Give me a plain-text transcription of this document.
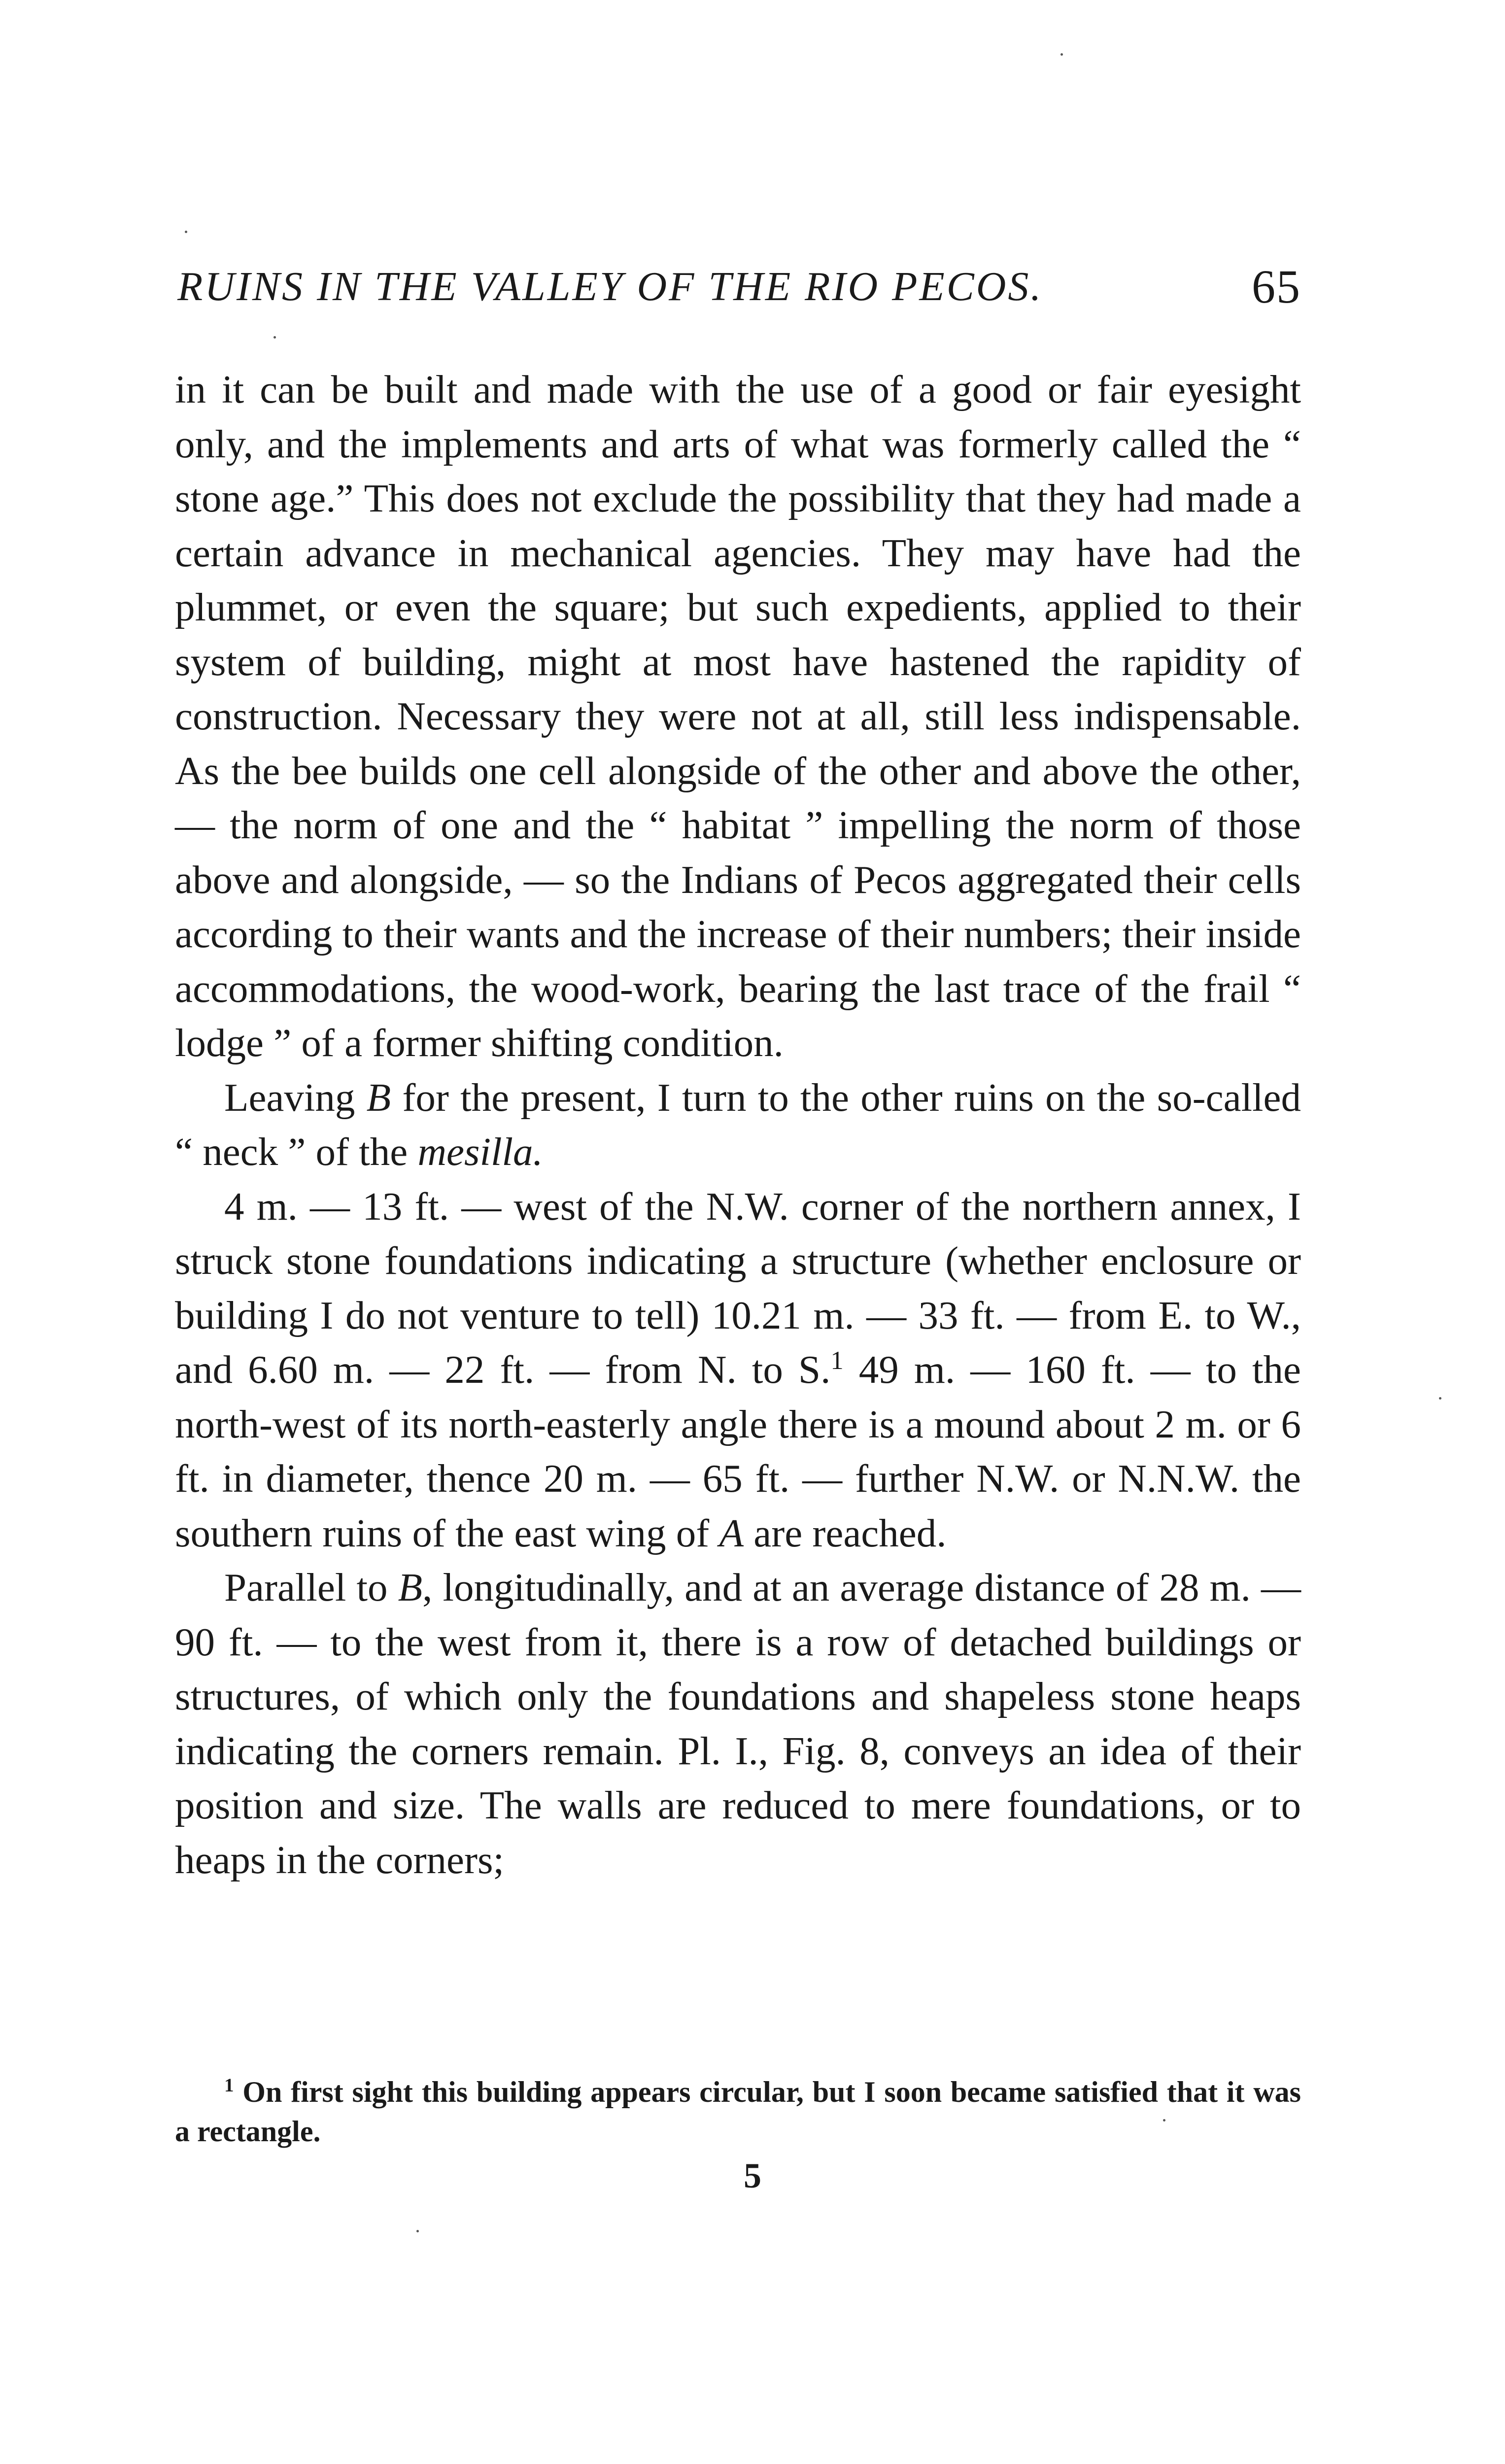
RUINS IN THE VALLEY OF THE RIO PECOS.	65

in it can be built and made with the use of a good or fair eyesight only, and the implements and arts of what was formerly called the “ stone age.” This does not exclude the possibility that they had made a certain advance in mechanical agencies. They may have had the plummet, or even the square; but such expedients, applied to their system of building, might at most have hastened the rapidity of construction. Necessary they were not at all, still less indispensable. As the bee builds one cell alongside of the other and above the other, — the norm of one and the “ habitat ” impelling the norm of those above and alongside, — so the Indians of Pecos aggregated their cells according to their wants and the increase of their numbers; their inside accommodations, the wood-work, bearing the last trace of the frail “ lodge ” of a former shifting condition.

Leaving B for the present, I turn to the other ruins on the so-called “ neck ” of the mesilla.

4 m. — 13 ft. — west of the N.W. corner of the northern annex, I struck stone foundations indicating a structure (whether enclosure or building I do not venture to tell) 10.21 m. — 33 ft. — from E. to W., and 6.60 m. — 22 ft. — from N. to S.$^1$ 49 m. — 160 ft. — to the north-west of its north-easterly angle there is a mound about 2 m. or 6 ft. in diameter, thence 20 m. — 65 ft. — further N.W. or N.N.W. the southern ruins of the east wing of A are reached.

Parallel to B, longitudinally, and at an average distance of 28 m. — 90 ft. — to the west from it, there is a row of detached buildings or structures, of which only the foundations and shapeless stone heaps indicating the corners remain. Pl. I., Fig. 8, conveys an idea of their position and size. The walls are reduced to mere foundations, or to heaps in the corners;

$^1$ On first sight this building appears circular, but I soon became satisfied that it was a rectangle.

5
